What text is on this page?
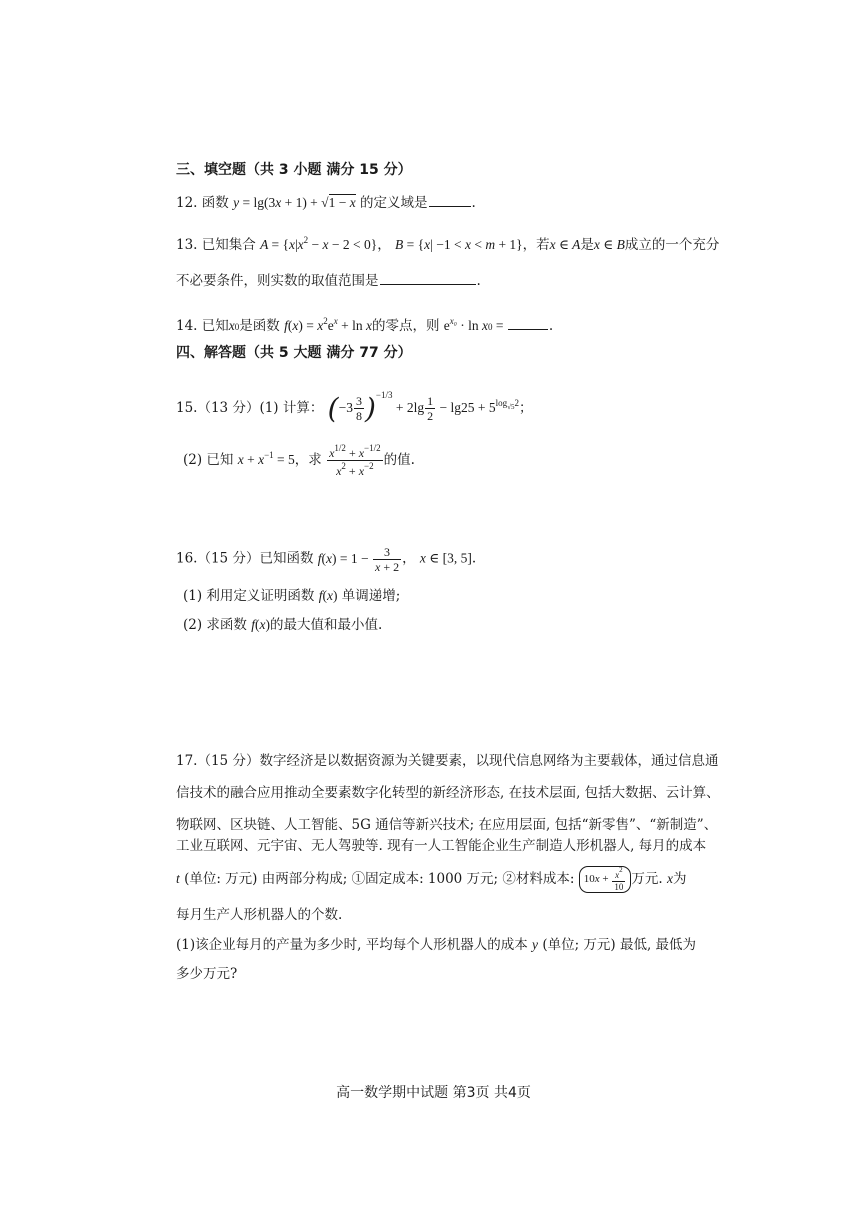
三、填空题（共 3 小题 满分 15 分）
12. 函数 y = lg(3x + 1) + √1 − x 的定义域是	.
13. 已知集合 $A = \{x|x^2 - x - 2 < 0\}$， B = {x| −1 < x < m + 1}，若x ∈ A是x ∈ B成立的一个充分
不必要条件，则实数的取值范围是	.
14. 已知x0是函数 $f(x) = x^2e^x + \ln x$的零点，则 $e^{x_0} \cdot \ln x0$ =	.
四、解答题（共 5 大题 满分 77 分）
15.（13 分）(1) 计算： $(-3 \frac{3}{8} )^{-1/3} + 2\lg \frac{1}{2} - \lg 25 + 5^{log_{√5}2}$；
(2) 已知 $x + x^{-1} = 5$，求 $\frac{x^{1/2} + x^{-1/2}}{x^2 + x^{-2}}$ 的值.
16.（15 分）已知函数 $f(x) = 1 - \frac{3}{x + 2}$ ， x ∈ [3, 5].
(1) 利用定义证明函数 f(x) 单调递增;
(2) 求函数 f(x)的最大值和最小值.
17.（15 分）数字经济是以数据资源为关键要素，以现代信息网络为主要载体，通过信息通
信技术的融合应用推动全要素数字化转型的新经济形态, 在技术层面, 包括大数据、云计算、
物联网、区块链、人工智能、5G 通信等新兴技术; 在应用层面, 包括“新零售”、“新制造”、
工业互联网、元宇宙、无人驾驶等. 现有一人工智能企业生产制造人形机器人, 每月的成本
t (单位: 万元) 由两部分构成; ①固定成本: 1000 万元; ②材料成本: $10x + \frac{x^2}{10}$ 万元. x为
每月生产人形机器人的个数.
(1)该企业每月的产量为多少时, 平均每个人形机器人的成本 y (单位; 万元) 最低, 最低为
多少万元?
高一数学期中试题 第3页 共4页
